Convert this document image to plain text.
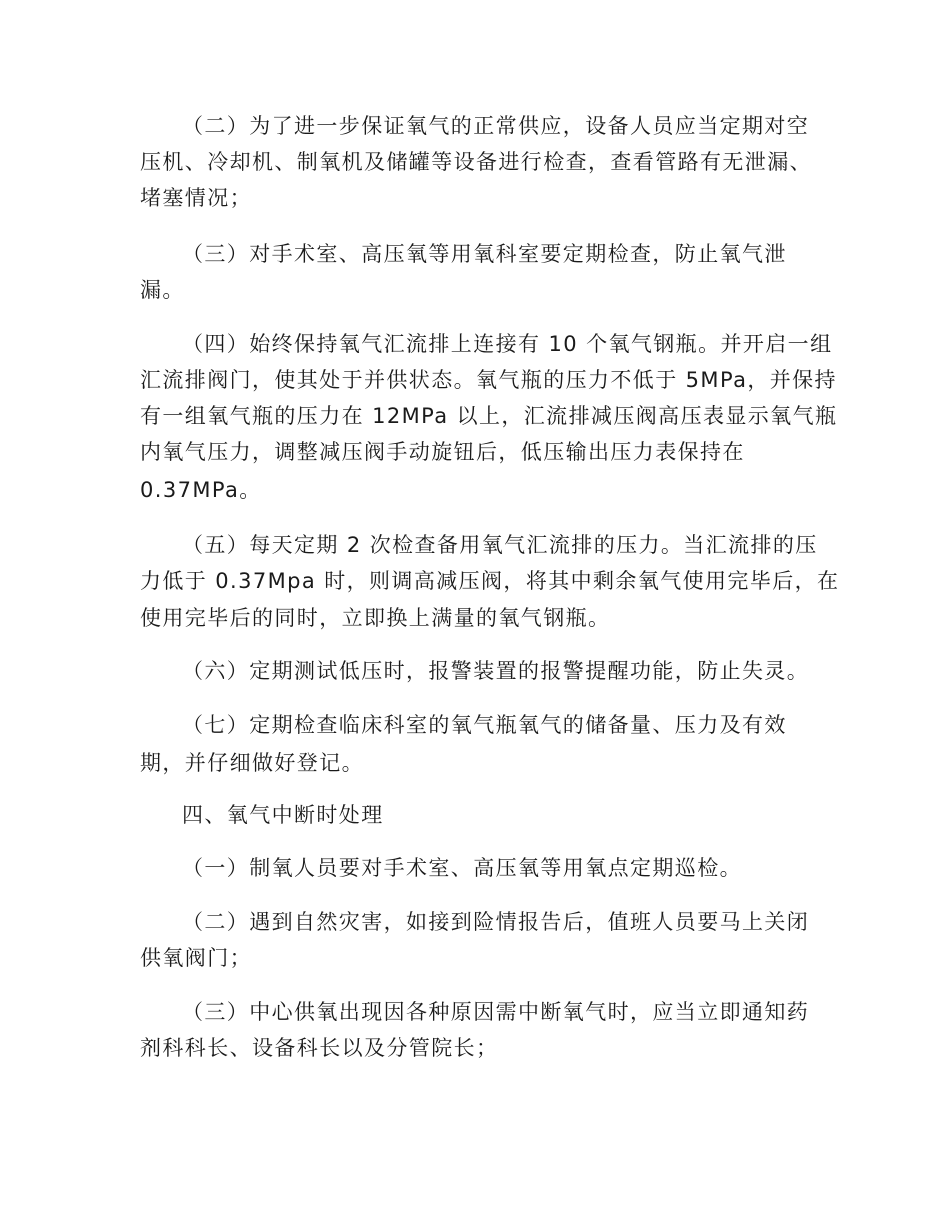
（二）为了进一步保证氧气的正常供应，设备人员应当定期对空
压机、冷却机、制氧机及储罐等设备进行检查，查看管路有无泄漏、
堵塞情况；
（三）对手术室、高压氧等用氧科室要定期检查，防止氧气泄
漏。
（四）始终保持氧气汇流排上连接有 10 个氧气钢瓶。并开启一组
汇流排阀门，使其处于并供状态。氧气瓶的压力不低于 5MPa，并保持
有一组氧气瓶的压力在 12MPa 以上，汇流排减压阀高压表显示氧气瓶
内氧气压力，调整减压阀手动旋钮后，低压输出压力表保持在
0.37MPa。
（五）每天定期 2 次检查备用氧气汇流排的压力。当汇流排的压
力低于 0.37Mpa 时，则调高减压阀，将其中剩余氧气使用完毕后，在
使用完毕后的同时，立即换上满量的氧气钢瓶。
（六）定期测试低压时，报警装置的报警提醒功能，防止失灵。
（七）定期检查临床科室的氧气瓶氧气的储备量、压力及有效
期，并仔细做好登记。
四、氧气中断时处理
（一）制氧人员要对手术室、高压氧等用氧点定期巡检。
（二）遇到自然灾害，如接到险情报告后，值班人员要马上关闭
供氧阀门；
（三）中心供氧出现因各种原因需中断氧气时，应当立即通知药
剂科科长、设备科长以及分管院长；
